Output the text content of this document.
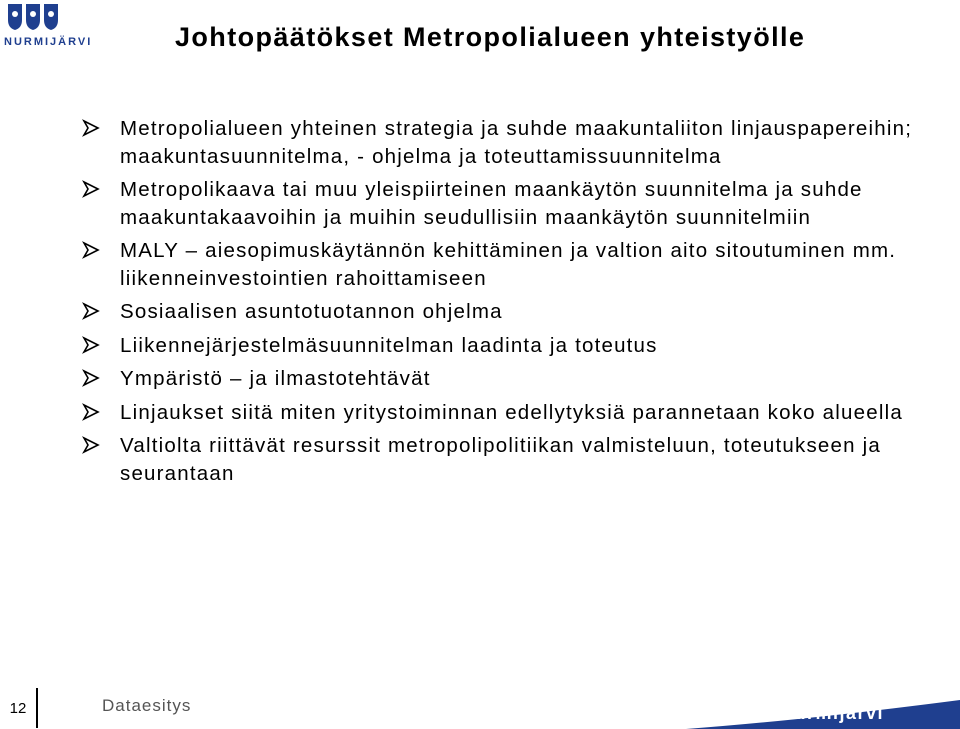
NURMIJÄRVI	Johtopäätökset Metropolialueen yhteistyölle
Metropolialueen yhteinen strategia ja suhde maakuntaliiton linjauspapereihin; maakuntasuunnitelma, - ohjelma ja toteuttamissuunnitelma
Metropolikaava tai muu yleispiirteinen maankäytön suunnitelma ja suhde maakuntakaavoihin ja muihin seudullisiin maankäytön suunnitelmiin
MALY – aiesopimuskäytännön kehittäminen ja valtion aito sitoutuminen mm. liikenneinvestointien rahoittamiseen
Sosiaalisen asuntotuotannon ohjelma
Liikennejärjestelmäsuunnitelman laadinta ja toteutus
Ympäristö – ja ilmastotehtävät
Linjaukset siitä miten yritystoiminnan edellytyksiä parannetaan koko alueella
Valtiolta riittävät resurssit metropolipolitiikan valmisteluun, toteutukseen ja seurantaan
12	Dataesitys	Nurmijärvi
